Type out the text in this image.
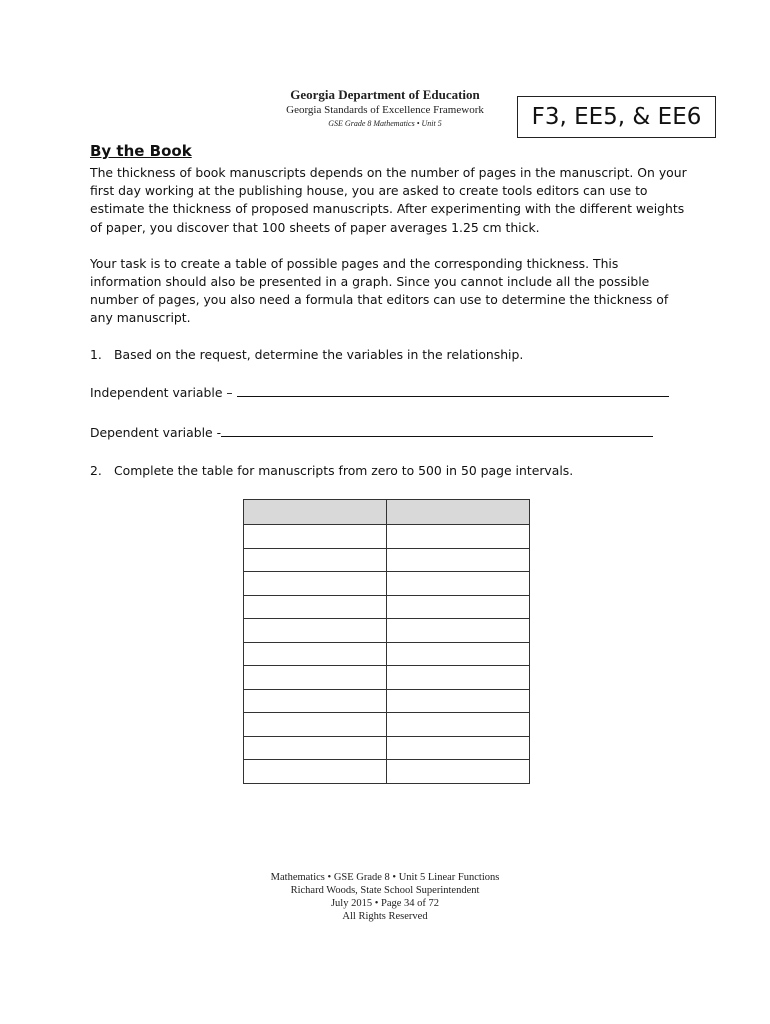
Georgia Department of Education
Georgia Standards of Excellence Framework
GSE Grade 8 Mathematics • Unit 5	F3, EE5, & EE6
By the Book

The thickness of book manuscripts depends on the number of pages in the manuscript. On your first day working at the publishing house, you are asked to create tools editors can use to estimate the thickness of proposed manuscripts. After experimenting with the different weights of paper, you discover that 100 sheets of paper averages 1.25 cm thick.

Your task is to create a table of possible pages and the corresponding thickness. This information should also be presented in a graph. Since you cannot include all the possible number of pages, you also need a formula that editors can use to determine the thickness of any manuscript.

1. Based on the request, determine the variables in the relationship.
Independent variable –
Dependent variable -
2. Complete the table for manuscripts from zero to 500 in 50 page intervals.

Mathematics • GSE Grade 8 • Unit 5 Linear Functions
Richard Woods, State School Superintendent
July 2015 • Page 34 of 72
All Rights Reserved
